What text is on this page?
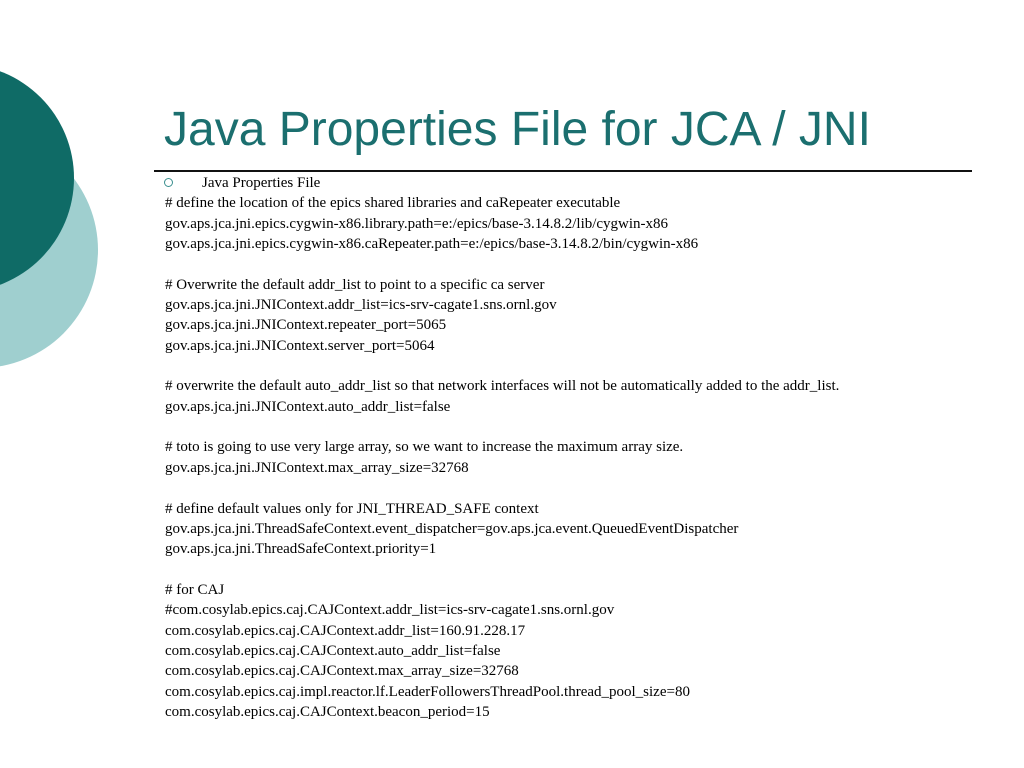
Java Properties File for JCA / JNI
Java Properties File
# define the location of the epics shared libraries and caRepeater executable
gov.aps.jca.jni.epics.cygwin-x86.library.path=e:/epics/base-3.14.8.2/lib/cygwin-x86
gov.aps.jca.jni.epics.cygwin-x86.caRepeater.path=e:/epics/base-3.14.8.2/bin/cygwin-x86
# Overwrite the default addr_list to point to a specific ca server
gov.aps.jca.jni.JNIContext.addr_list=ics-srv-cagate1.sns.ornl.gov
gov.aps.jca.jni.JNIContext.repeater_port=5065
gov.aps.jca.jni.JNIContext.server_port=5064
# overwrite the default auto_addr_list so that network interfaces will not be automatically added to the addr_list.
gov.aps.jca.jni.JNIContext.auto_addr_list=false
# toto is going to use very large array, so we want to increase the maximum array size.
gov.aps.jca.jni.JNIContext.max_array_size=32768
# define default values only for JNI_THREAD_SAFE context
gov.aps.jca.jni.ThreadSafeContext.event_dispatcher=gov.aps.jca.event.QueuedEventDispatcher
gov.aps.jca.jni.ThreadSafeContext.priority=1
# for CAJ
#com.cosylab.epics.caj.CAJContext.addr_list=ics-srv-cagate1.sns.ornl.gov
com.cosylab.epics.caj.CAJContext.addr_list=160.91.228.17
com.cosylab.epics.caj.CAJContext.auto_addr_list=false
com.cosylab.epics.caj.CAJContext.max_array_size=32768
com.cosylab.epics.caj.impl.reactor.lf.LeaderFollowersThreadPool.thread_pool_size=80
com.cosylab.epics.caj.CAJContext.beacon_period=15
